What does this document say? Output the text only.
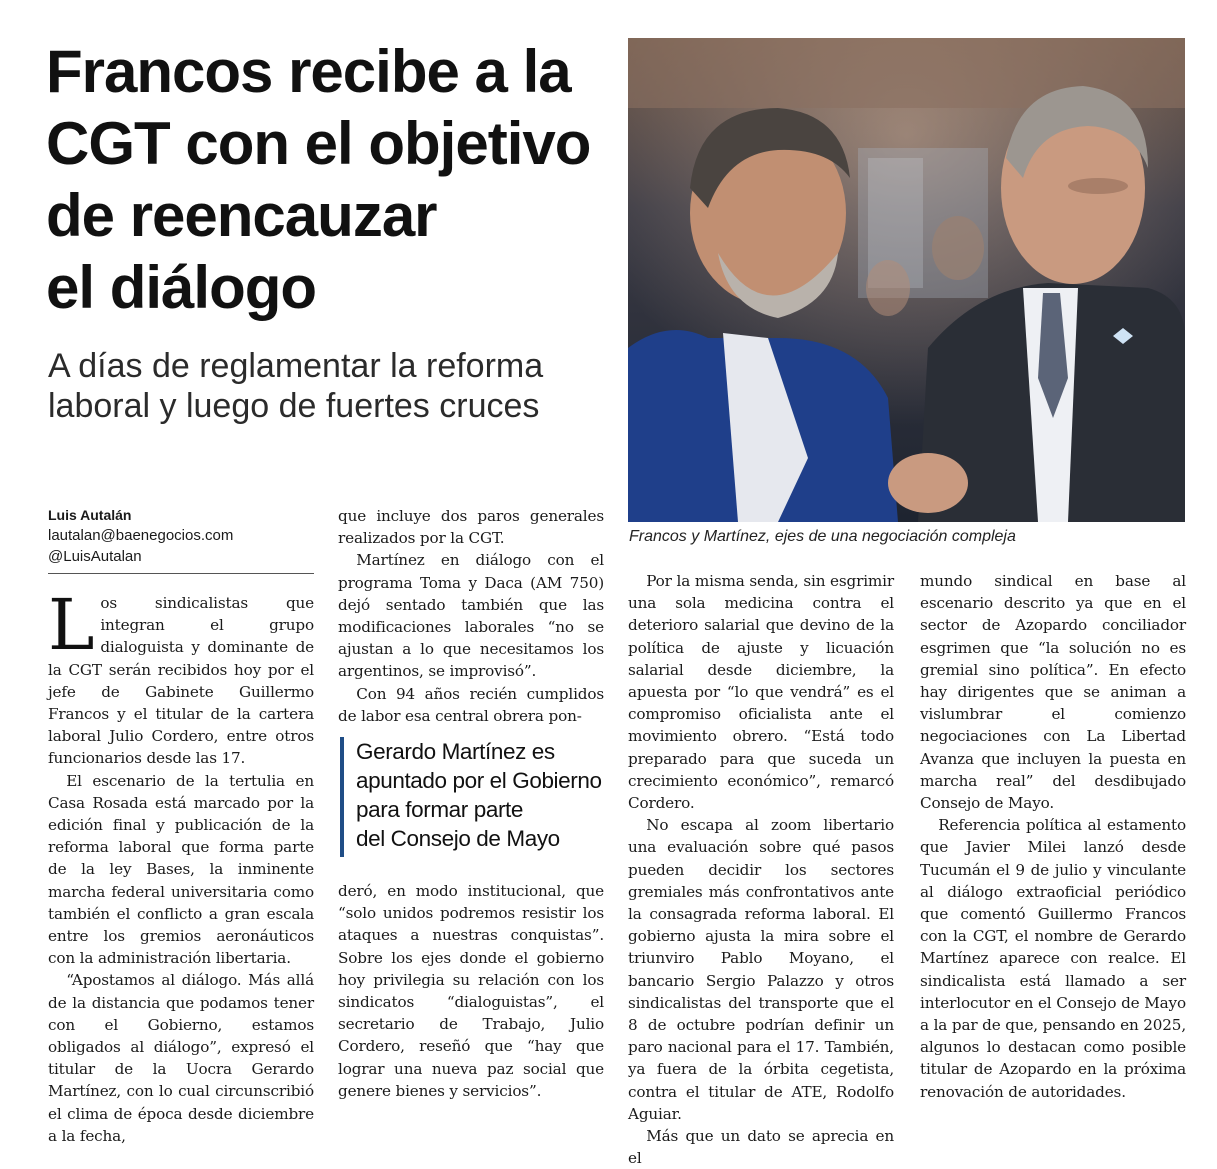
Francos recibe a la
CGT con el objetivo
de reencauzar
el diálogo
A días de reglamentar la reforma
laboral y luego de fuertes cruces

Francos y Martínez, ejes de una negociación compleja

Luis Autalán
lautalan@baenegocios.com
@LuisAutalan

Los sindicalistas que integran el grupo dialoguista y dominante de la CGT serán recibidos hoy por el jefe de Gabinete Guillermo Francos y el titular de la cartera laboral Julio Cordero, entre otros funcionarios desde las 17.

El escenario de la tertulia en Casa Rosada está marcado por la edición final y publicación de la reforma laboral que forma parte de la ley Bases, la inminente marcha federal universitaria como también el conflicto a gran escala entre los gremios aeronáuticos con la administración libertaria.

“Apostamos al diálogo. Más allá de la distancia que podamos tener con el Gobierno, estamos obligados al diálogo”, expresó el titular de la Uocra Gerardo Martínez, con lo cual circunscribió el clima de época desde diciembre a la fecha,

que incluye dos paros generales realizados por la CGT.

Martínez en diálogo con el programa Toma y Daca (AM 750) dejó sentado también que las modificaciones laborales “no se ajustan a lo que necesitamos los argentinos, se improvisó”.

Con 94 años recién cumplidos de labor esa central obrera pon-

Gerardo Martínez es
apuntado por el Gobierno
para formar parte
del Consejo de Mayo

deró, en modo institucional, que “solo unidos podremos resistir los ataques a nuestras conquistas”. Sobre los ejes donde el gobierno hoy privilegia su relación con los sindicatos “dialoguistas”, el secretario de Trabajo, Julio Cordero, reseñó que “hay que lograr una nueva paz social que genere bienes y servicios”.

Por la misma senda, sin esgrimir una sola medicina contra el deterioro salarial que devino de la política de ajuste y licuación salarial desde diciembre, la apuesta por “lo que vendrá” es el compromiso oficialista ante el movimiento obrero. “Está todo preparado para que suceda un crecimiento económico”, remarcó Cordero.

No escapa al zoom libertario una evaluación sobre qué pasos pueden decidir los sectores gremiales más confrontativos ante la consagrada reforma laboral. El gobierno ajusta la mira sobre el triunviro Pablo Moyano, el bancario Sergio Palazzo y otros sindicalistas del transporte que el 8 de octubre podrían definir un paro nacional para el 17. También, ya fuera de la órbita cegetista, contra el titular de ATE, Rodolfo Aguiar.

Más que un dato se aprecia en el

mundo sindical en base al escenario descrito ya que en el sector de Azopardo conciliador esgrimen que “la solución no es gremial sino política”. En efecto hay dirigentes que se animan a vislumbrar el comienzo negociaciones con La Libertad Avanza que incluyen la puesta en marcha real” del desdibujado Consejo de Mayo.

Referencia política al estamento que Javier Milei lanzó desde Tucumán el 9 de julio y vinculante al diálogo extraoficial periódico que comentó Guillermo Francos con la CGT, el nombre de Gerardo Martínez aparece con realce. El sindicalista está llamado a ser interlocutor en el Consejo de Mayo a la par de que, pensando en 2025, algunos lo destacan como posible titular de Azopardo en la próxima renovación de autoridades.
